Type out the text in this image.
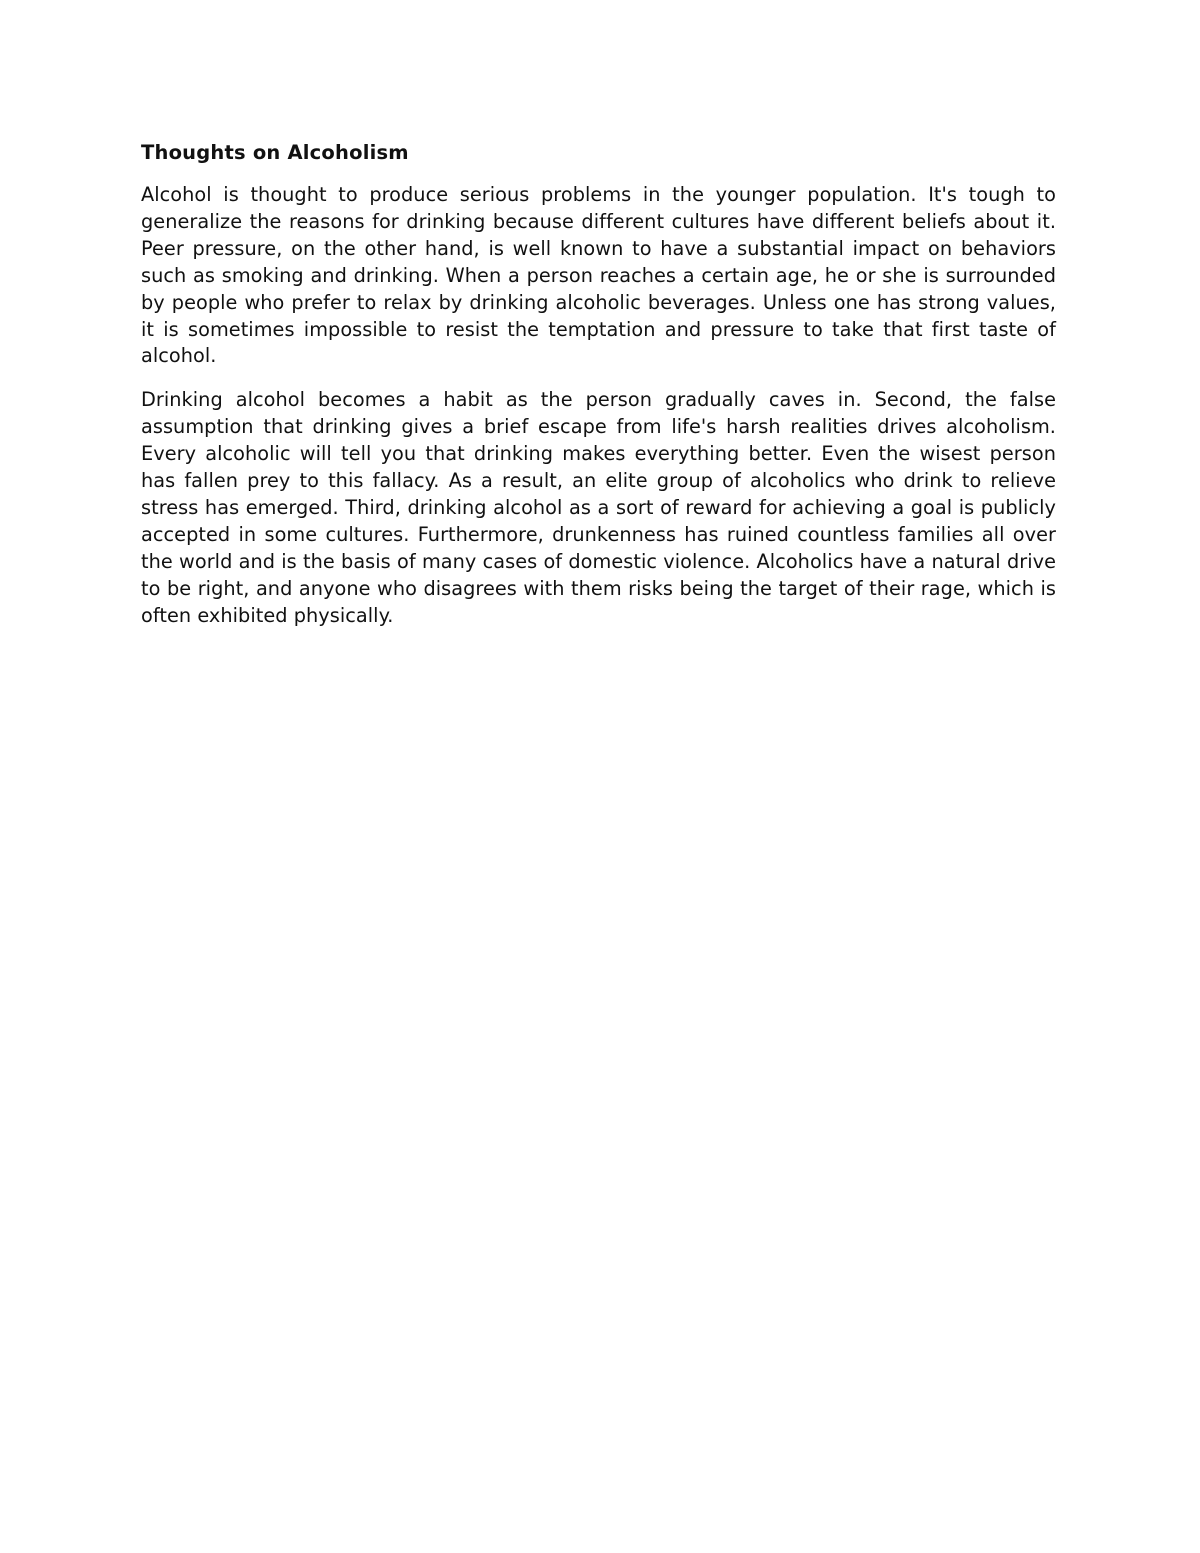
Thoughts on Alcoholism

Alcohol is thought to produce serious problems in the younger population. It's tough to generalize the reasons for drinking because different cultures have different beliefs about it. Peer pressure, on the other hand, is well known to have a substantial impact on behaviors such as smoking and drinking. When a person reaches a certain age, he or she is surrounded by people who prefer to relax by drinking alcoholic beverages. Unless one has strong values, it is sometimes impossible to resist the temptation and pressure to take that first taste of alcohol.

Drinking alcohol becomes a habit as the person gradually caves in. Second, the false assumption that drinking gives a brief escape from life's harsh realities drives alcoholism. Every alcoholic will tell you that drinking makes everything better. Even the wisest person has fallen prey to this fallacy. As a result, an elite group of alcoholics who drink to relieve stress has emerged. Third, drinking alcohol as a sort of reward for achieving a goal is publicly accepted in some cultures. Furthermore, drunkenness has ruined countless families all over the world and is the basis of many cases of domestic violence. Alcoholics have a natural drive to be right, and anyone who disagrees with them risks being the target of their rage, which is often exhibited physically.
